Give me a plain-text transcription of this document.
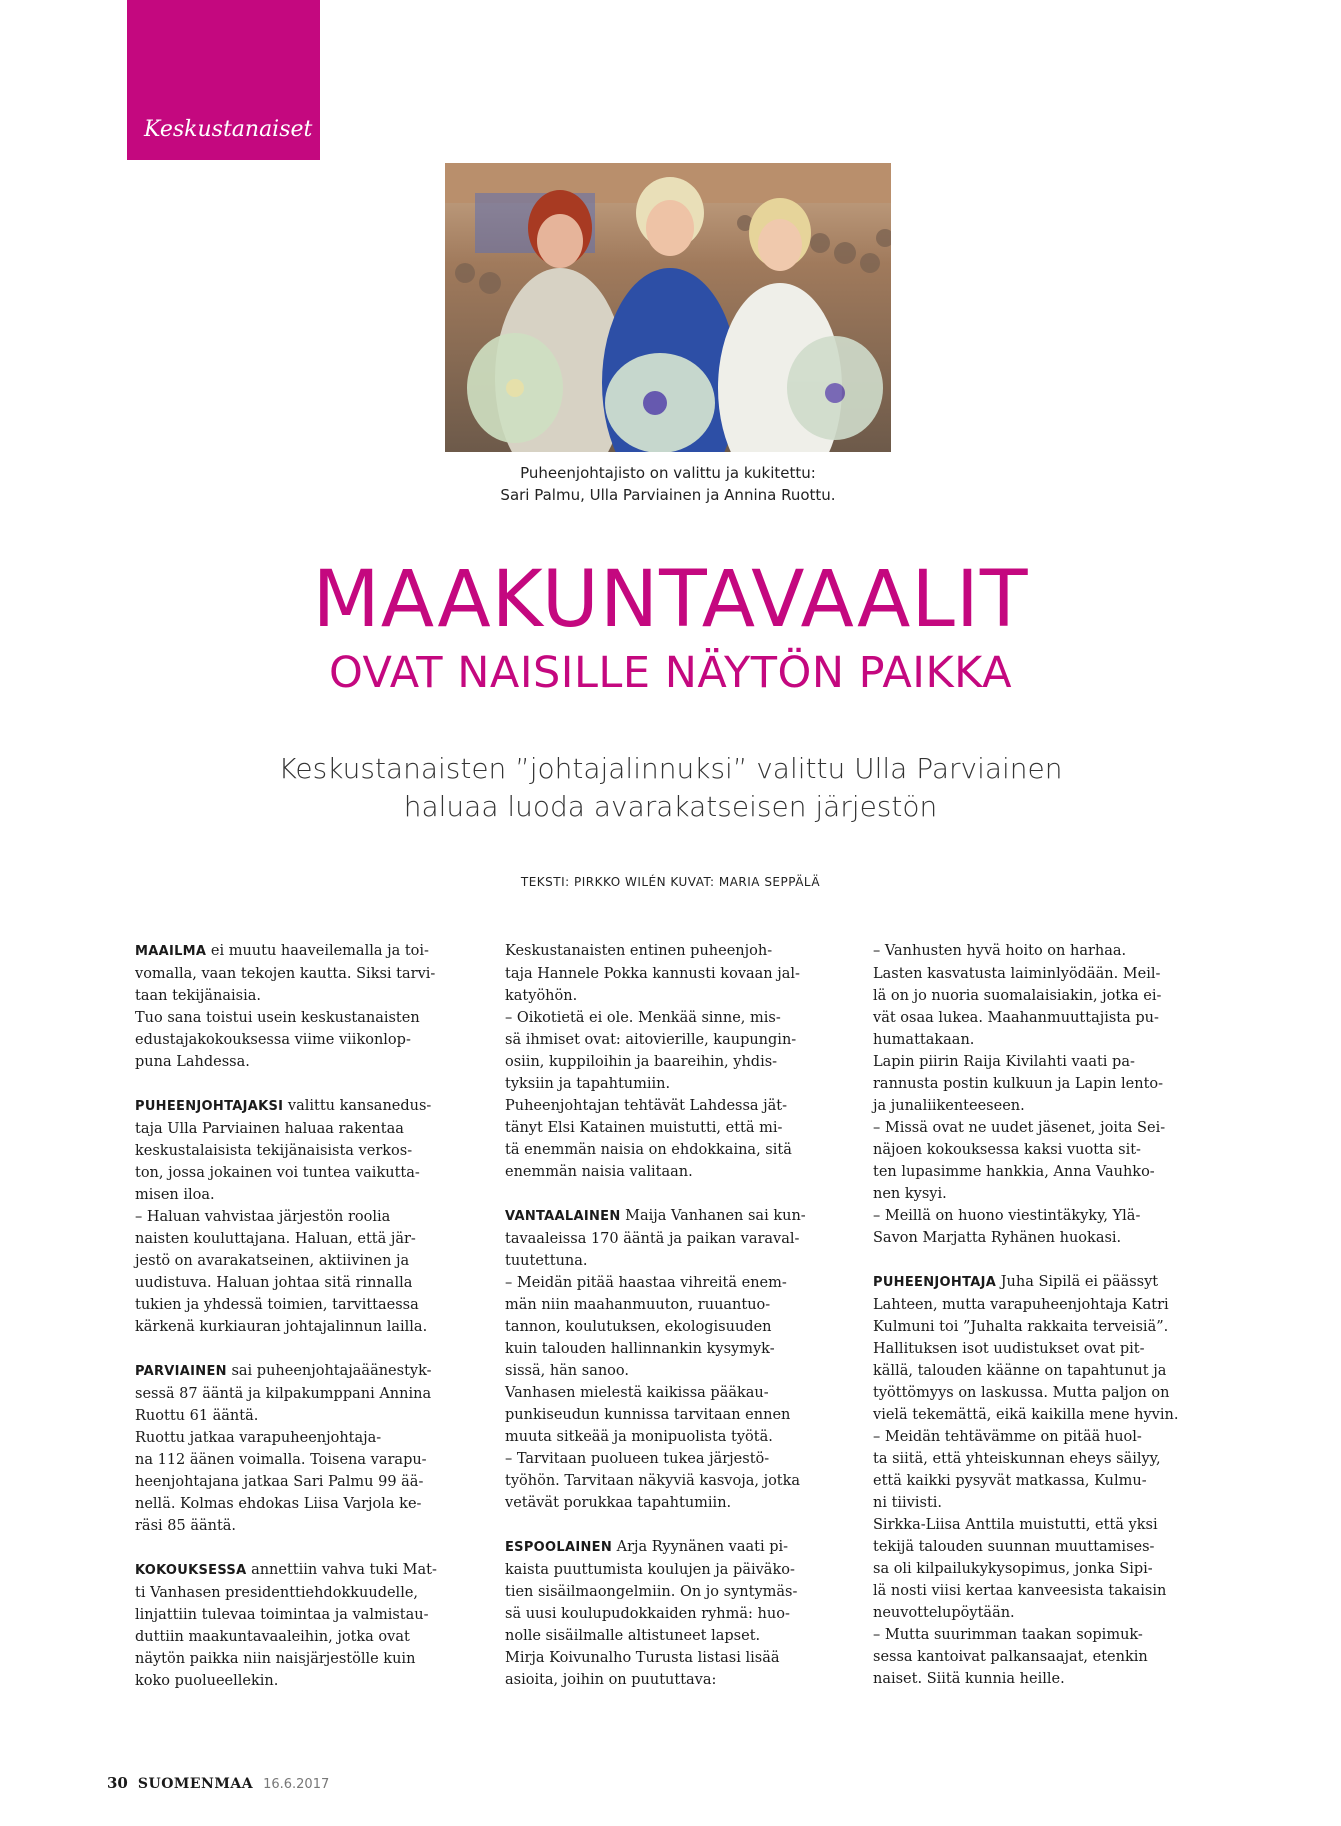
Keskustanaiset
Puheenjohtajisto on valittu ja kukitettu:
Sari Palmu, Ulla Parviainen ja Annina Ruottu.
MAAKUNTAVAALIT
OVAT NAISILLE NÄYTÖN PAIKKA
Keskustanaisten ”johtajalinnuksi” valittu Ulla Parviainen
haluaa luoda avarakatseisen järjestön
TEKSTI: PIRKKO WILÉN KUVAT: MARIA SEPPÄLÄ

MAAILMA ei muutu haaveilemalla ja toi-
vomalla, vaan tekojen kautta. Siksi tarvi-
taan tekijänaisia.
Tuo sana toistui usein keskustanaisten
edustajakokouksessa viime viikonlop-
puna Lahdessa.

PUHEENJOHTAJAKSI valittu kansanedus-
taja Ulla Parviainen haluaa rakentaa
keskustalaisista tekijänaisista verkos-
ton, jossa jokainen voi tuntea vaikutta-
misen iloa.
– Haluan vahvistaa järjestön roolia
naisten kouluttajana. Haluan, että jär-
jestö on avarakatseinen, aktiivinen ja
uudistuva. Haluan johtaa sitä rinnalla
tukien ja yhdessä toimien, tarvittaessa
kärkenä kurkiauran johtajalinnun lailla.

PARVIAINEN sai puheenjohtajaäänestyk-
sessä 87 ääntä ja kilpakumppani Annina
Ruottu 61 ääntä.
Ruottu jatkaa varapuheenjohtaja-
na 112 äänen voimalla. Toisena varapu-
heenjohtajana jatkaa Sari Palmu 99 ää-
nellä. Kolmas ehdokas Liisa Varjola ke-
räsi 85 ääntä.

KOKOUKSESSA annettiin vahva tuki Mat-
ti Vanhasen presidenttiehdokkuudelle,
linjattiin tulevaa toimintaa ja valmistau-
duttiin maakuntavaaleihin, jotka ovat
näytön paikka niin naisjärjestölle kuin
koko puolueellekin.

Keskustanaisten entinen puheenjoh-
taja Hannele Pokka kannusti kovaan jal-
katyöhön.
– Oikotietä ei ole. Menkää sinne, mis-
sä ihmiset ovat: aitovierille, kaupungin-
osiin, kuppiloihin ja baareihin, yhdis-
tyksiin ja tapahtumiin.
Puheenjohtajan tehtävät Lahdessa jät-
tänyt Elsi Katainen muistutti, että mi-
tä enemmän naisia on ehdokkaina, sitä
enemmän naisia valitaan.

VANTAALAINEN Maija Vanhanen sai kun-
tavaaleissa 170 ääntä ja paikan varaval-
tuutettuna.
– Meidän pitää haastaa vihreitä enem-
män niin maahanmuuton, ruuantuo-
tannon, koulutuksen, ekologisuuden
kuin talouden hallinnankin kysymyk-
sissä, hän sanoo.
Vanhasen mielestä kaikissa pääkau-
punkiseudun kunnissa tarvitaan ennen
muuta sitkeää ja monipuolista työtä.
– Tarvitaan puolueen tukea järjestö-
työhön. Tarvitaan näkyviä kasvoja, jotka
vetävät porukkaa tapahtumiin.

ESPOOLAINEN Arja Ryynänen vaati pi-
kaista puuttumista koulujen ja päiväko-
tien sisäilmaongelmiin. On jo syntymäs-
sä uusi koulupudokkaiden ryhmä: huo-
nolle sisäilmalle altistuneet lapset.
Mirja Koivunalho Turusta listasi lisää
asioita, joihin on puututtava:

– Vanhusten hyvä hoito on harhaa.
Lasten kasvatusta laiminlyödään. Meil-
lä on jo nuoria suomalaisiakin, jotka ei-
vät osaa lukea. Maahanmuuttajista pu-
humattakaan.
Lapin piirin Raija Kivilahti vaati pa-
rannusta postin kulkuun ja Lapin lento-
ja junaliikenteeseen.
– Missä ovat ne uudet jäsenet, joita Sei-
näjoen kokouksessa kaksi vuotta sit-
ten lupasimme hankkia, Anna Vauhko-
nen kysyi.
– Meillä on huono viestintäkyky, Ylä-
Savon Marjatta Ryhänen huokasi.

PUHEENJOHTAJA Juha Sipilä ei päässyt
Lahteen, mutta varapuheenjohtaja Katri
Kulmuni toi ”Juhalta rakkaita terveisiä”.
Hallituksen isot uudistukset ovat pit-
källä, talouden käänne on tapahtunut ja
työttömyys on laskussa. Mutta paljon on
vielä tekemättä, eikä kaikilla mene hyvin.
– Meidän tehtävämme on pitää huol-
ta siitä, että yhteiskunnan eheys säilyy,
että kaikki pysyvät matkassa, Kulmu-
ni tiivisti.
Sirkka-Liisa Anttila muistutti, että yksi
tekijä talouden suunnan muuttamises-
sa oli kilpailukykysopimus, jonka Sipi-
lä nosti viisi kertaa kanveesista takaisin
neuvottelupöytään.
– Mutta suurimman taakan sopimuk-
sessa kantoivat palkansaajat, etenkin
naiset. Siitä kunnia heille.

30 SUOMENMAA 16.6.2017
